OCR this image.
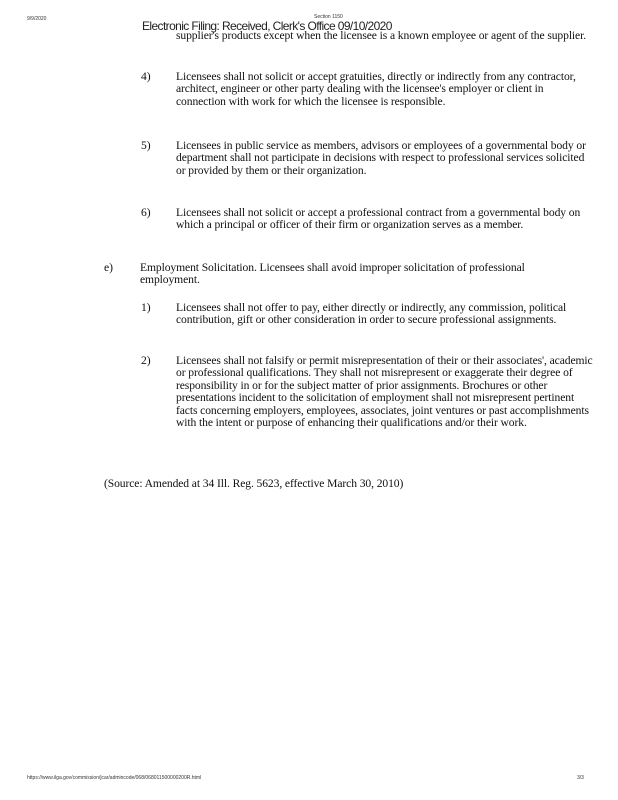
9/9/2020	Section 1150
Electronic Filing: Received, Clerk's Office 09/10/2020
supplier's products except when the licensee is a known employee or agent of the supplier.
4) Licensees shall not solicit or accept gratuities, directly or indirectly from any contractor, architect, engineer or other party dealing with the licensee's employer or client in connection with work for which the licensee is responsible.
5) Licensees in public service as members, advisors or employees of a governmental body or department shall not participate in decisions with respect to professional services solicited or provided by them or their organization.
6) Licensees shall not solicit or accept a professional contract from a governmental body on which a principal or officer of their firm or organization serves as a member.
e) Employment Solicitation. Licensees shall avoid improper solicitation of professional employment.
1) Licensees shall not offer to pay, either directly or indirectly, any commission, political contribution, gift or other consideration in order to secure professional assignments.
2) Licensees shall not falsify or permit misrepresentation of their or their associates', academic or professional qualifications. They shall not misrepresent or exaggerate their degree of responsibility in or for the subject matter of prior assignments. Brochures or other presentations incident to the solicitation of employment shall not misrepresent pertinent facts concerning employers, employees, associates, joint ventures or past accomplishments with the intent or purpose of enhancing their qualifications and/or their work.
(Source: Amended at 34 Ill. Reg. 5623, effective March 30, 2010)
https://www.ilga.gov/commission/jcar/admincode/068/068011500000200R.html	3/3
